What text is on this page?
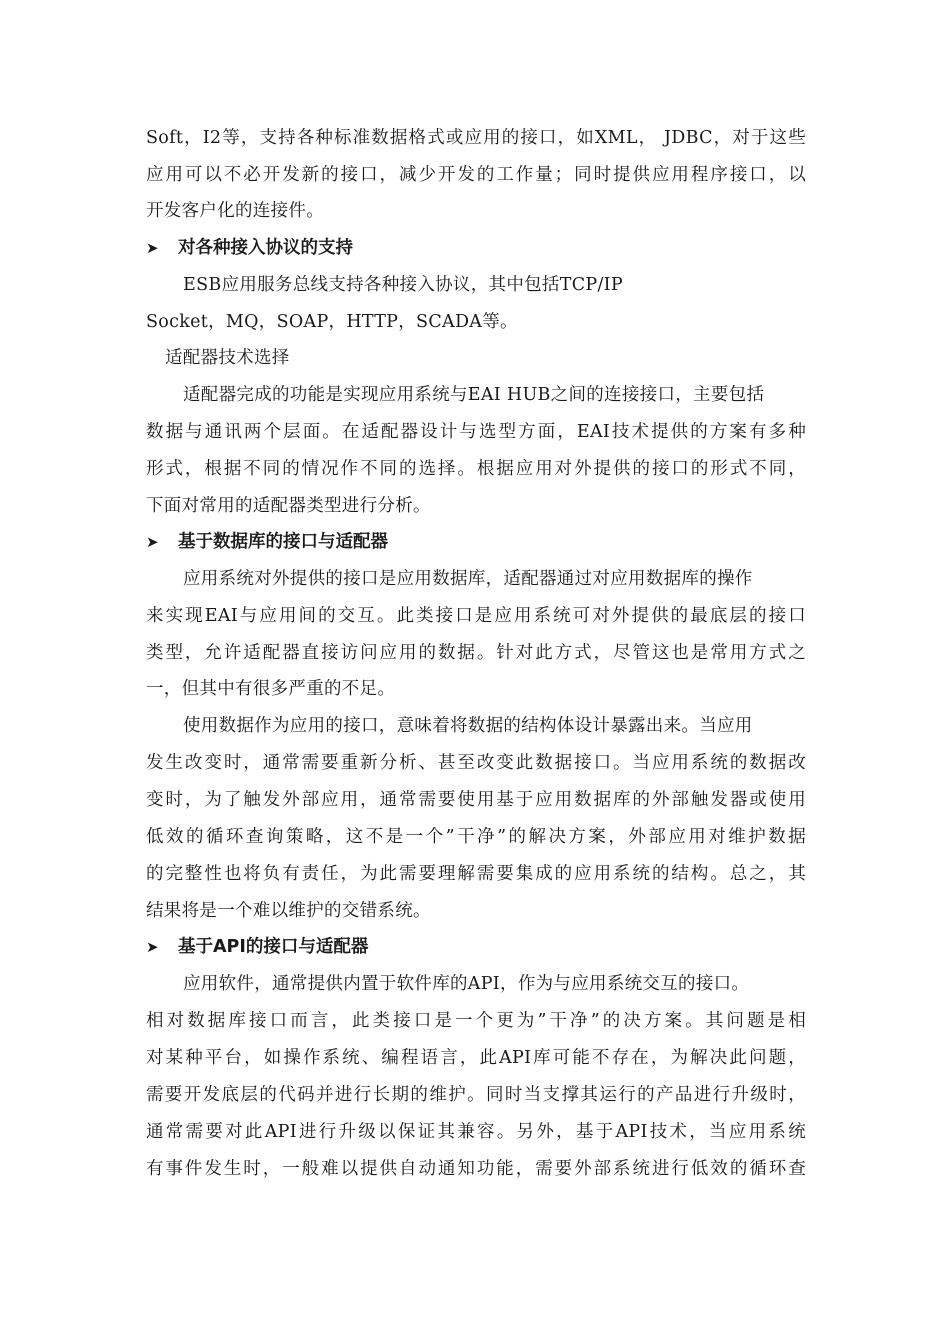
Soft，I2等，支持各种标准数据格式或应用的接口，如XML， JDBC，对于这些
应用可以不必开发新的接口，减少开发的工作量；同时提供应用程序接口，以
开发客户化的连接件。
➤ 对各种接入协议的支持
ESB应用服务总线支持各种接入协议，其中包括TCP/IP
Socket，MQ，SOAP，HTTP，SCADA等。
适配器技术选择
适配器完成的功能是实现应用系统与EAI HUB之间的连接接口，主要包括
数据与通讯两个层面。在适配器设计与选型方面，EAI技术提供的方案有多种
形式，根据不同的情况作不同的选择。根据应用对外提供的接口的形式不同，
下面对常用的适配器类型进行分析。
➤ 基于数据库的接口与适配器
应用系统对外提供的接口是应用数据库，适配器通过对应用数据库的操作
来实现EAI与应用间的交互。此类接口是应用系统可对外提供的最底层的接口
类型，允许适配器直接访问应用的数据。针对此方式，尽管这也是常用方式之
一，但其中有很多严重的不足。
使用数据作为应用的接口，意味着将数据的结构体设计暴露出来。当应用
发生改变时，通常需要重新分析、甚至改变此数据接口。当应用系统的数据改
变时，为了触发外部应用，通常需要使用基于应用数据库的外部触发器或使用
低效的循环查询策略，这不是一个”干净”的解决方案，外部应用对维护数据
的完整性也将负有责任，为此需要理解需要集成的应用系统的结构。总之，其
结果将是一个难以维护的交错系统。
➤ 基于API的接口与适配器
应用软件，通常提供内置于软件库的API，作为与应用系统交互的接口。
相对数据库接口而言，此类接口是一个更为”干净”的决方案。其问题是相
对某种平台，如操作系统、编程语言，此API库可能不存在，为解决此问题，
需要开发底层的代码并进行长期的维护。同时当支撑其运行的产品进行升级时，
通常需要对此API进行升级以保证其兼容。另外，基于API技术，当应用系统
有事件发生时，一般难以提供自动通知功能，需要外部系统进行低效的循环查
